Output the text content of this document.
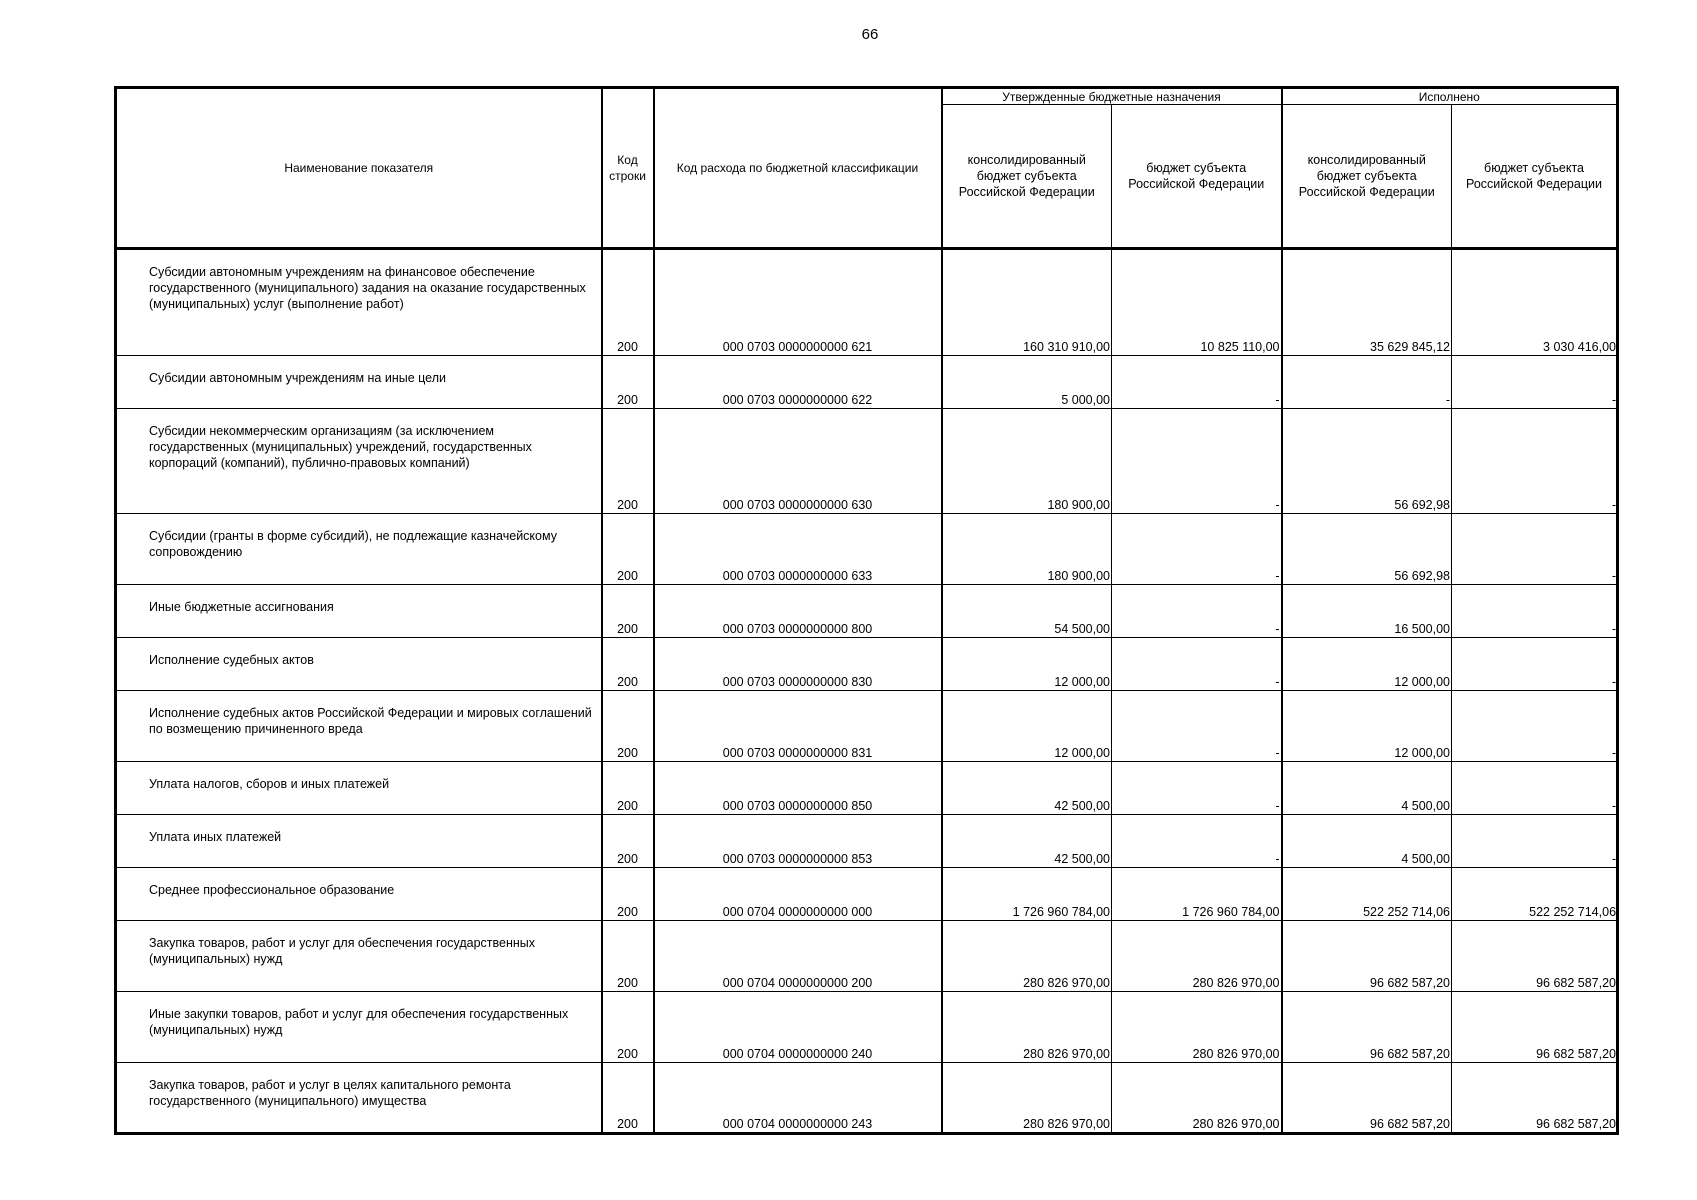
66
Наименование показателя	Код строки	Код расхода по бюджетной классификации	Утвержденные бюджетные назначения		Исполнено	
			консолидированный бюджет субъекта Российской Федерации	бюджет субъекта Российской Федерации	консолидированный бюджет субъекта Российской Федерации	бюджет субъекта Российской Федерации
Субсидии автономным учреждениям на финансовое обеспечение государственного (муниципального) задания на оказание государственных (муниципальных) услуг (выполнение работ)	200	000 0703 0000000000 621	160 310 910,00	10 825 110,00	35 629 845,12	3 030 416,00
Субсидии автономным учреждениям на иные цели	200	000 0703 0000000000 622	5 000,00	-	-	-
Субсидии некоммерческим организациям (за исключением государственных (муниципальных) учреждений, государственных корпораций (компаний), публично-правовых компаний)	200	000 0703 0000000000 630	180 900,00	-	56 692,98	-
Субсидии (гранты в форме субсидий), не подлежащие казначейскому сопровождению	200	000 0703 0000000000 633	180 900,00	-	56 692,98	-
Иные бюджетные ассигнования	200	000 0703 0000000000 800	54 500,00	-	16 500,00	-
Исполнение судебных актов	200	000 0703 0000000000 830	12 000,00	-	12 000,00	-
Исполнение судебных актов Российской Федерации и мировых соглашений по возмещению причиненного вреда	200	000 0703 0000000000 831	12 000,00	-	12 000,00	-
Уплата налогов, сборов и иных платежей	200	000 0703 0000000000 850	42 500,00	-	4 500,00	-
Уплата иных платежей	200	000 0703 0000000000 853	42 500,00	-	4 500,00	-
Среднее профессиональное образование	200	000 0704 0000000000 000	1 726 960 784,00	1 726 960 784,00	522 252 714,06	522 252 714,06
Закупка товаров, работ и услуг для обеспечения государственных (муниципальных) нужд	200	000 0704 0000000000 200	280 826 970,00	280 826 970,00	96 682 587,20	96 682 587,20
Иные закупки товаров, работ и услуг для обеспечения государственных (муниципальных) нужд	200	000 0704 0000000000 240	280 826 970,00	280 826 970,00	96 682 587,20	96 682 587,20
Закупка товаров, работ и услуг в целях капитального ремонта государственного (муниципального) имущества	200	000 0704 0000000000 243	280 826 970,00	280 826 970,00	96 682 587,20	96 682 587,20
